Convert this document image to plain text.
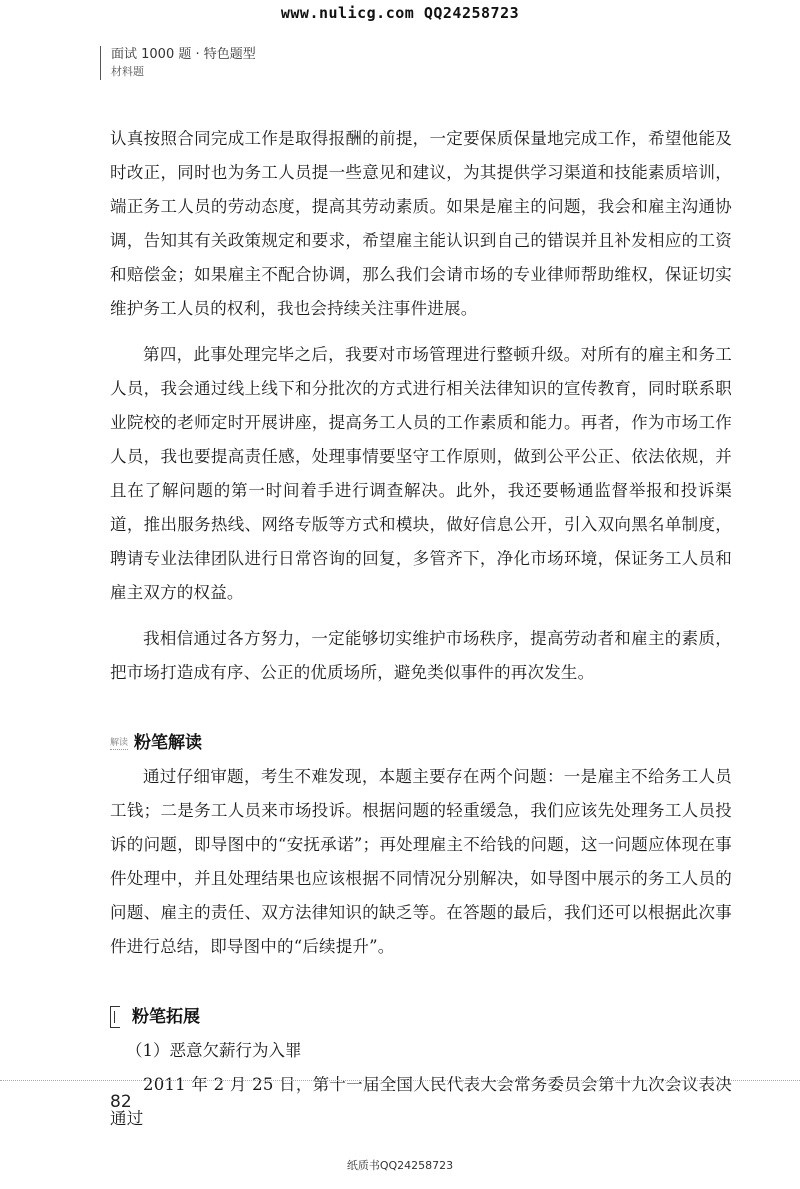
www.nulicg.com QQ24258723
面试 1000 题 · 特色题型
材料题

认真按照合同完成工作是取得报酬的前提，一定要保质保量地完成工作，希望他能及时改正，同时也为务工人员提一些意见和建议，为其提供学习渠道和技能素质培训，端正务工人员的劳动态度，提高其劳动素质。如果是雇主的问题，我会和雇主沟通协调，告知其有关政策规定和要求，希望雇主能认识到自己的错误并且补发相应的工资和赔偿金；如果雇主不配合协调，那么我们会请市场的专业律师帮助维权，保证切实维护务工人员的权利，我也会持续关注事件进展。

第四，此事处理完毕之后，我要对市场管理进行整顿升级。对所有的雇主和务工人员，我会通过线上线下和分批次的方式进行相关法律知识的宣传教育，同时联系职业院校的老师定时开展讲座，提高务工人员的工作素质和能力。再者，作为市场工作人员，我也要提高责任感，处理事情要坚守工作原则，做到公平公正、依法依规，并且在了解问题的第一时间着手进行调查解决。此外，我还要畅通监督举报和投诉渠道，推出服务热线、网络专版等方式和模块，做好信息公开，引入双向黑名单制度，聘请专业法律团队进行日常咨询的回复，多管齐下，净化市场环境，保证务工人员和雇主双方的权益。

我相信通过各方努力，一定能够切实维护市场秩序，提高劳动者和雇主的素质，把市场打造成有序、公正的优质场所，避免类似事件的再次发生。

解读 粉笔解读

通过仔细审题，考生不难发现，本题主要存在两个问题：一是雇主不给务工人员工钱；二是务工人员来市场投诉。根据问题的轻重缓急，我们应该先处理务工人员投诉的问题，即导图中的“安抚承诺”；再处理雇主不给钱的问题，这一问题应体现在事件处理中，并且处理结果也应该根据不同情况分别解决，如导图中展示的务工人员的问题、雇主的责任、双方法律知识的缺乏等。在答题的最后，我们还可以根据此次事件进行总结，即导图中的“后续提升”。

粉笔拓展
（1）恶意欠薪行为入罪

2011 年 2 月 25 日，第十一届全国人民代表大会常务委员会第十九次会议表决通过

82
纸质书QQ24258723
